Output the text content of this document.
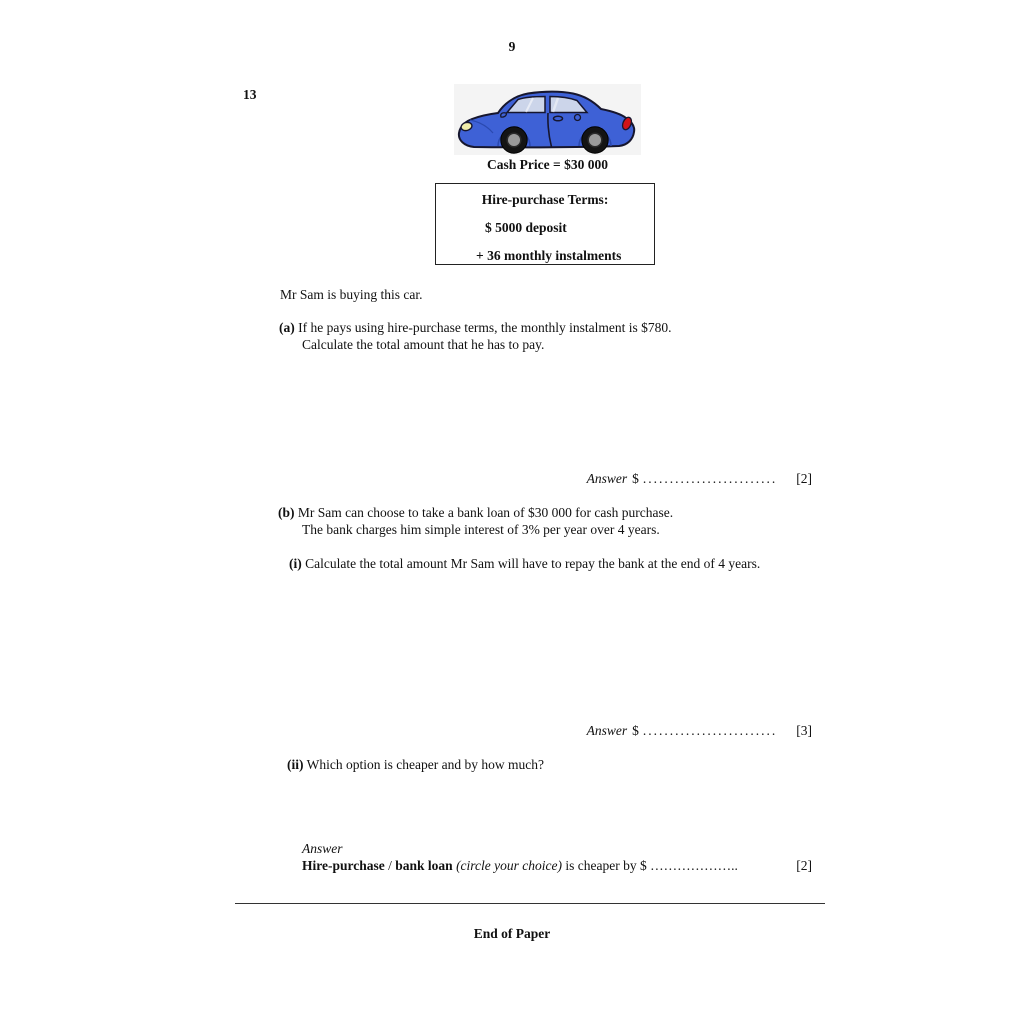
9
13
Cash Price = $30 000
Hire-purchase Terms:
$ 5000 deposit
+ 36 monthly instalments
Mr Sam is buying this car.
(a) If he pays using hire-purchase terms, the monthly instalment is $780.
Calculate the total amount that he has to pay.
Answer $ ......................... [2]
(b) Mr Sam can choose to take a bank loan of $30 000 for cash purchase.
The bank charges him simple interest of 3% per year over 4 years.
(i) Calculate the total amount Mr Sam will have to repay the bank at the end of 4 years.
Answer $ ......................... [3]
(ii) Which option is cheaper and by how much?
Answer
Hire-purchase / bank loan (circle your choice) is cheaper by $ ………………..	[2]
End of Paper
